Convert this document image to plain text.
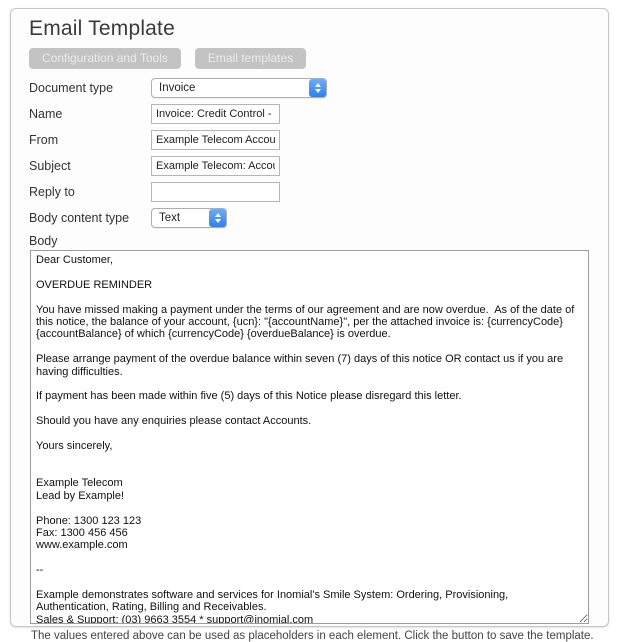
Email Template
Configuration and Tools	Email templates
Document type	Invoice
Name
Invoice: Credit Control - 1
From
Example Telecom Accounts
Subject
Example Telecom: Account
Reply to
Body content type	Text
Body
Dear Customer, OVERDUE REMINDER You have missed making a payment under the terms of our agreement and are now overdue. As of the date of this notice, the balance of your account, {ucn}: "{accountName}", per the attached invoice is: {currencyCode} {accountBalance} of which {currencyCode} {overdueBalance} is overdue. Please arrange payment of the overdue balance within seven (7) days of this notice OR contact us if you are having difficulties. If payment has been made within five (5) days of this Notice please disregard this letter. Should you have any enquiries please contact Accounts. Yours sincerely, Example Telecom Lead by Example! Phone: 1300 123 123 Fax: 1300 456 456 www.example.com -- Example demonstrates software and services for Inomial's Smile System: Ordering, Provisioning, Authentication, Rating, Billing and Receivables. Sales & Support: (03) 9663 3554 * support@inomial.com
The values entered above can be used as placeholders in each element. Click the button to save the template.
